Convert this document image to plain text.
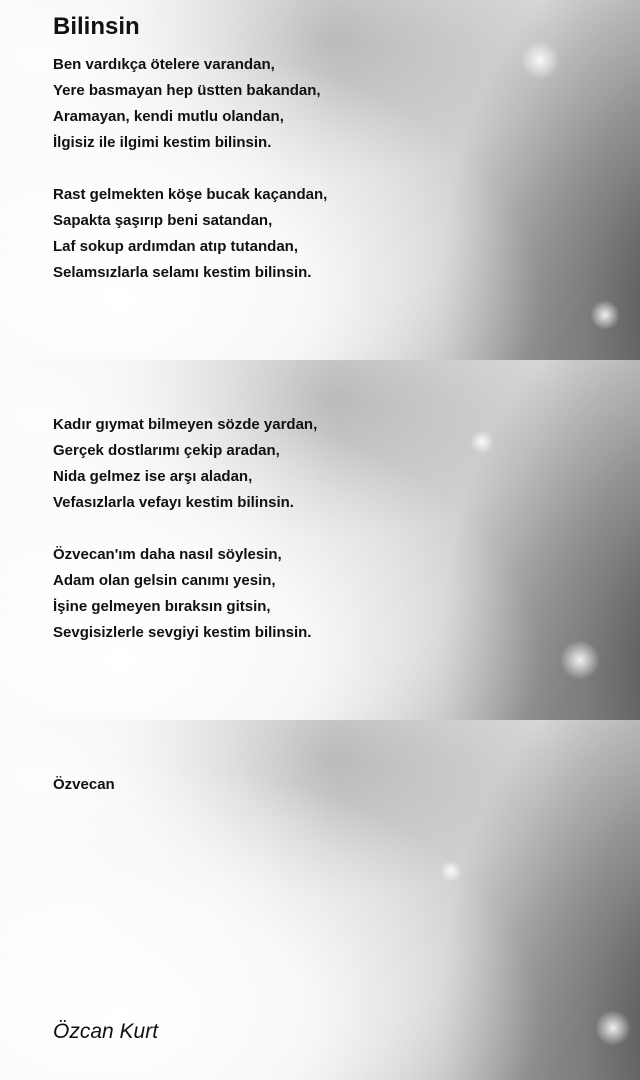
Bilinsin
Ben vardıkça ötelere varandan,
Yere basmayan hep üstten bakandan,
Aramayan, kendi mutlu olandan,
İlgisiz ile ilgimi kestim bilinsin.
Rast gelmekten köşe bucak kaçandan,
Sapakta şaşırıp beni satandan,
Laf sokup ardımdan atıp tutandan,
Selamsızlarla selamı kestim bilinsin.
Kadır gıymat bilmeyen sözde yardan,
Gerçek dostlarımı çekip aradan,
Nida gelmez ise arşı aladan,
Vefasızlarla vefayı kestim bilinsin.
Özvecan'ım daha nasıl söylesin,
Adam olan gelsin canımı yesin,
İşine gelmeyen bıraksın gitsin,
Sevgisizlerle sevgiyi kestim bilinsin.
Özvecan
Özcan Kurt
